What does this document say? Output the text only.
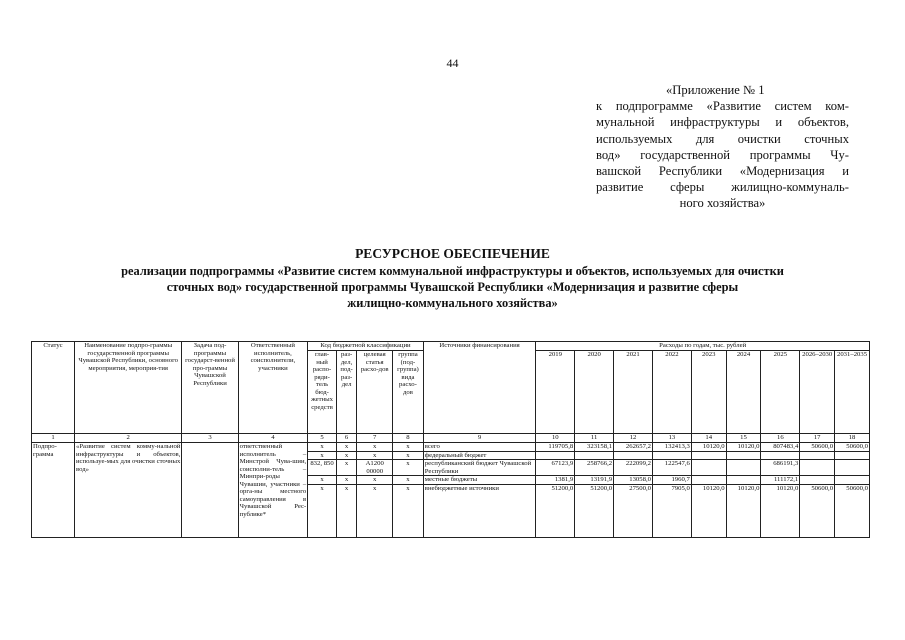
44
«Приложение № 1
к подпрограмме «Развитие систем ком-
мунальной инфраструктуры и объектов,
используемых для очистки сточных
вод» государственной программы Чу-
вашской Республики «Модернизация и
развитие сферы жилищно-коммуналь-
ного хозяйства»
РЕСУРСНОЕ ОБЕСПЕЧЕНИЕ
реализации подпрограммы «Развитие систем коммунальной инфраструктуры и объектов, используемых для очистки
сточных вод» государственной программы Чувашской Республики «Модернизация и развитие сферы
жилищно-коммунального хозяйства»
Статус	Наименование подпро-граммы государственной программы Чувашской Республики, основного мероприятия, мероприя-тия	Задача под-программы государст-венной про-граммы Чувашской Республики	Ответственный исполнитель, соисполнители, участники	Код бюджетной классификации				Источники финансирования	Расходы по годам, тыс. рублей								
				глав-ный распо-ряди-тель бюд-жетных средств	раз-дел, под-раз-дел	целевая статья расхо-дов	группа (под-группа) вида расхо-дов		2019	2020	2021	2022	2023	2024	2025	2026–2030	2031–2035
1	2	3	4	5	6	7	8	9	10	11	12	13	14	15	16	17	18
Подпро-грамма	«Развитие систем комму-нальной инфраструктуры и объектов, используе-мых для очистки сточных вод»		ответственный исполнитель – Минстрой Чува-шии, соисполни-тель – Минпри-роды Чувашии, участники – орга-ны местного самоуправления в Чувашской Рес-публике*	x	x	x	x	всего	119705,8	323158,1	262657,2	132413,3	10120,0	10120,0	807483,4	50600,0	50600,0
				x	x	x	x	федеральный бюджет									
				832, 850	x	A1200 00000	x	республиканский бюджет Чувашской Республики	67123,9	258766,2	222099,2	122547,6			686191,3		
				x	x	x	x	местные бюджеты	1381,9	13191,9	13058,0	1960,7			111172,1		
				x	x	x	x	внебюджетные источники	51200,0	51200,0	27500,0	7905,0	10120,0	10120,0	10120,0	50600,0	50600,0
